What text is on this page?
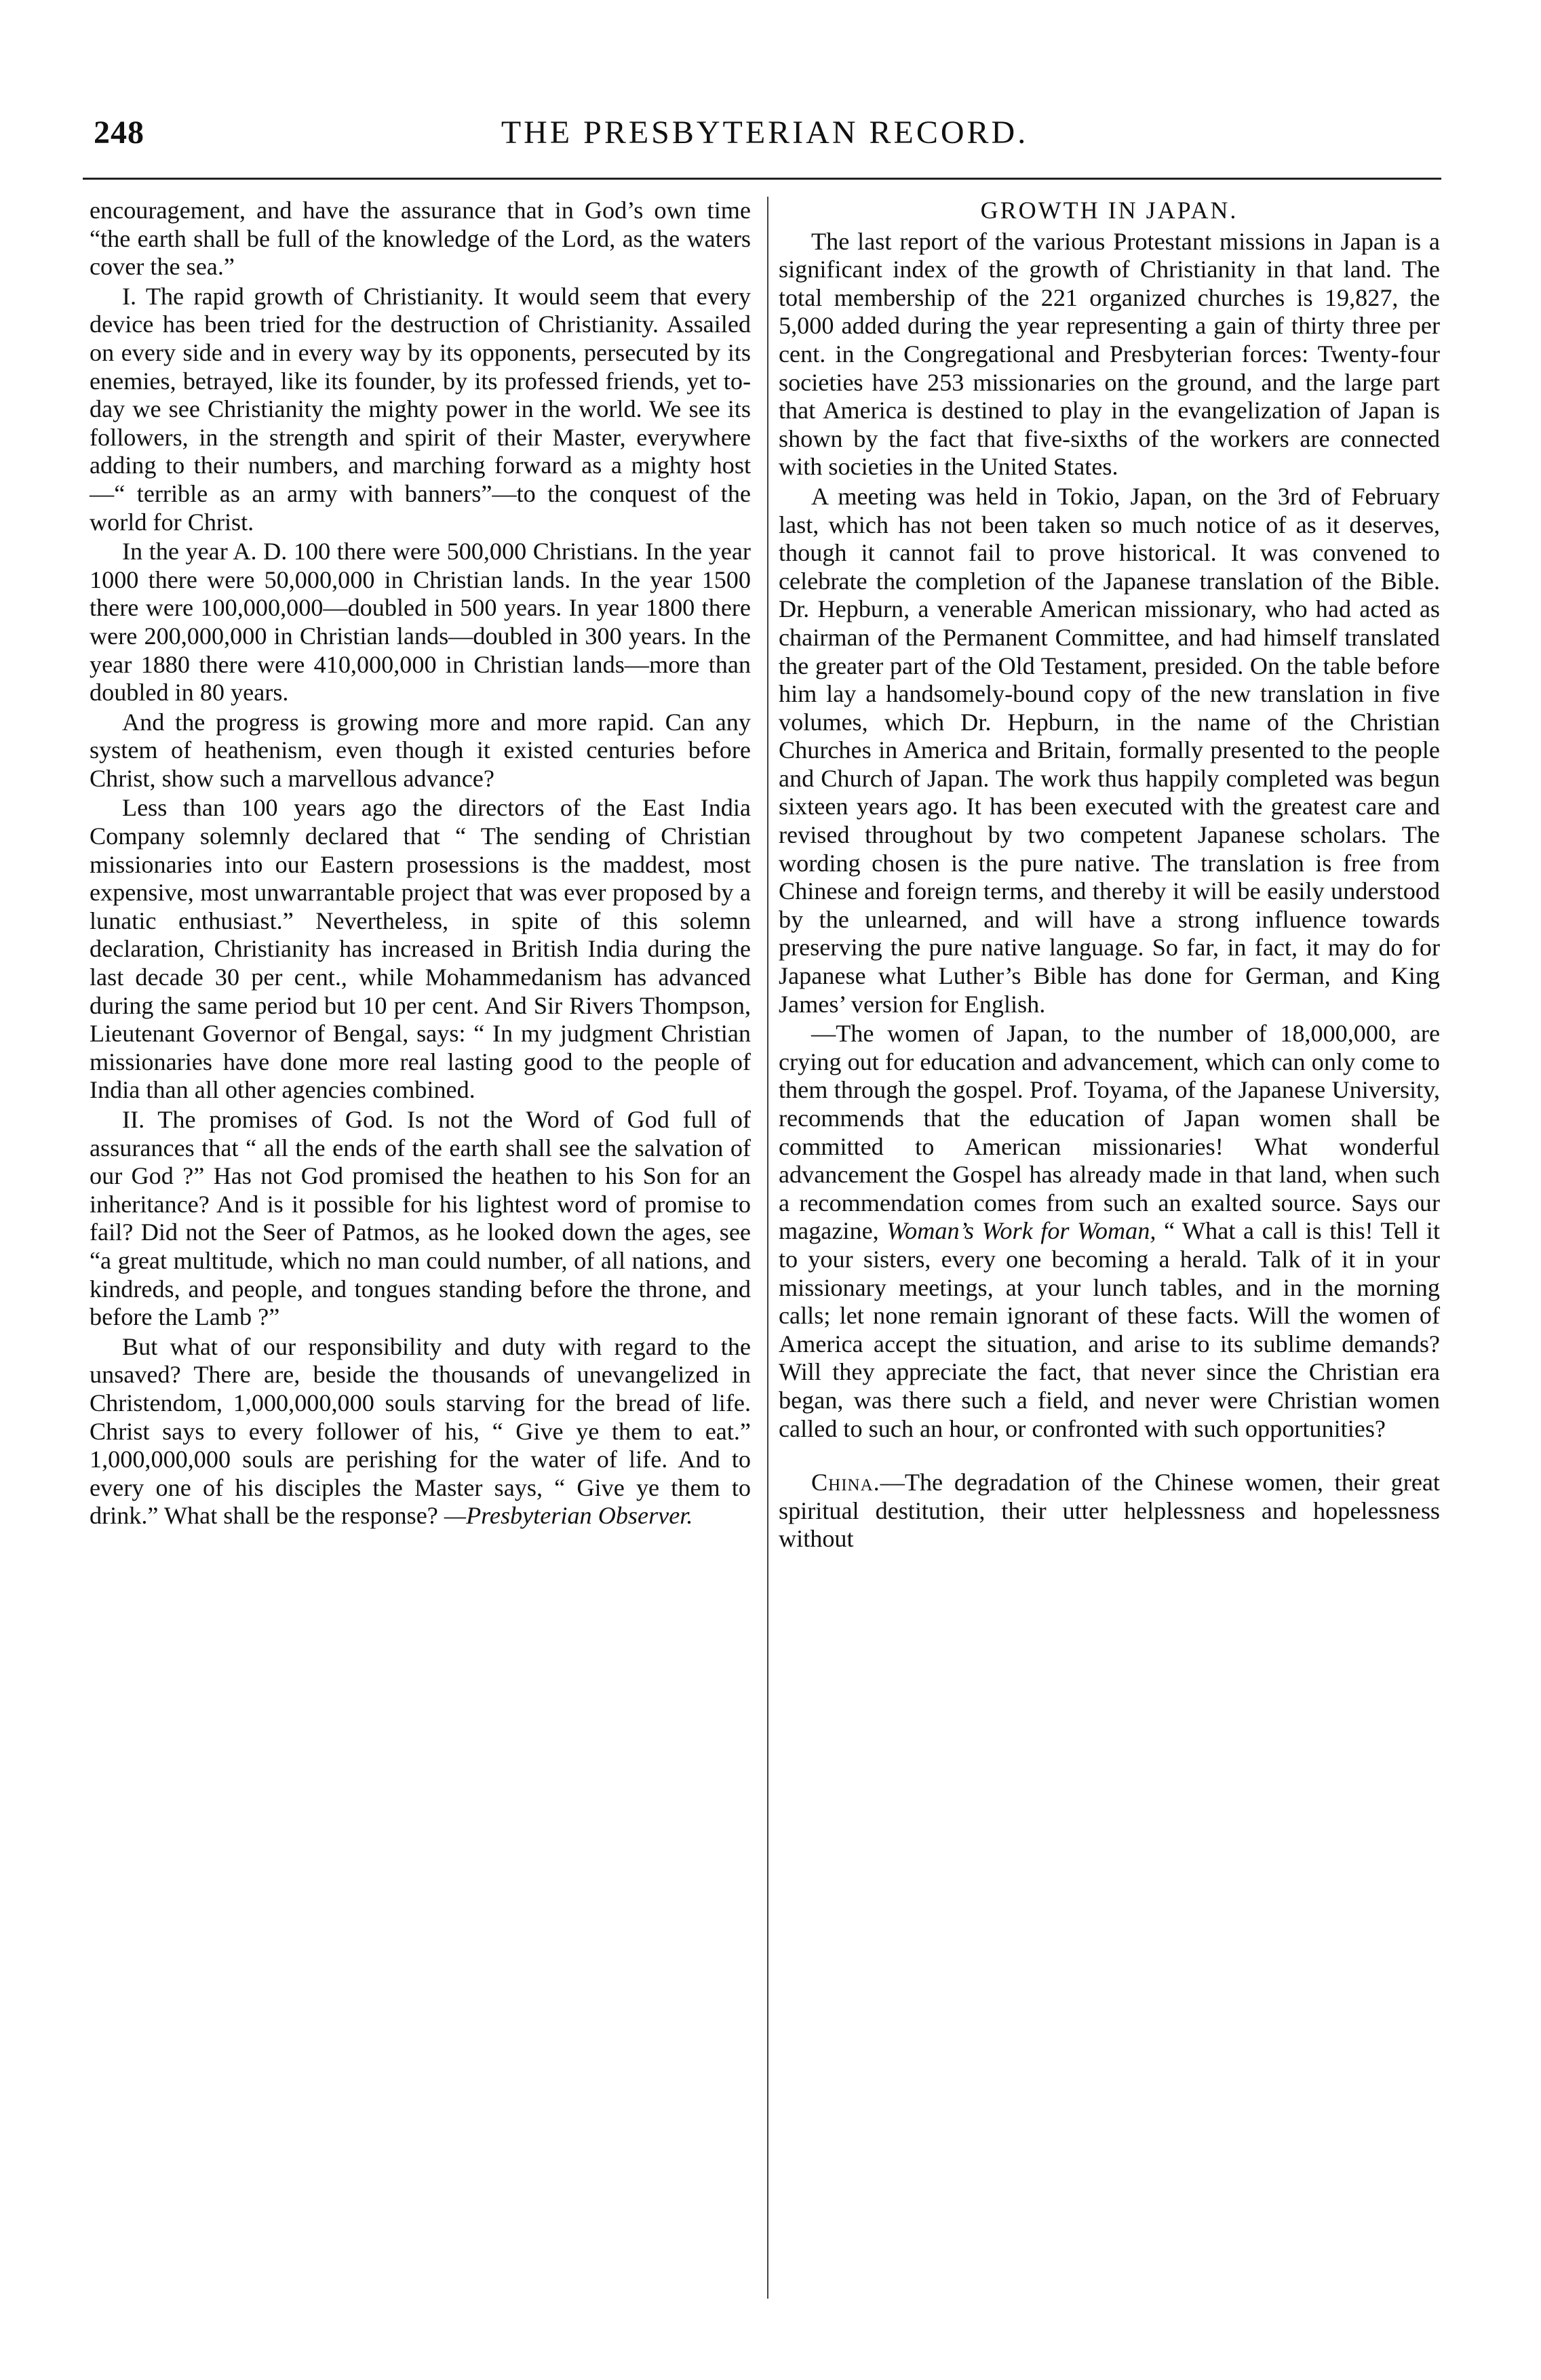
248	THE PRESBYTERIAN RECORD.

encouragement, and have the assurance that in God’s own time “the earth shall be full of the knowledge of the Lord, as the waters cover the sea.”

I. The rapid growth of Christianity. It would seem that every device has been tried for the destruction of Christianity. Assailed on every side and in every way by its opponents, persecuted by its enemies, betrayed, like its founder, by its professed friends, yet to-day we see Christianity the mighty power in the world. We see its followers, in the strength and spirit of their Master, everywhere adding to their numbers, and marching forward as a mighty host—“ terrible as an army with banners”—to the conquest of the world for Christ.

In the year A. D. 100 there were 500,000 Christians. In the year 1000 there were 50,000,000 in Christian lands. In the year 1500 there were 100,000,000—doubled in 500 years. In year 1800 there were 200,000,000 in Christian lands—doubled in 300 years. In the year 1880 there were 410,000,000 in Christian lands—more than doubled in 80 years.

And the progress is growing more and more rapid. Can any system of heathenism, even though it existed centuries before Christ, show such a marvellous advance?

Less than 100 years ago the directors of the East India Company solemnly declared that “ The sending of Christian missionaries into our Eastern prosessions is the maddest, most expensive, most unwarrantable project that was ever proposed by a lunatic enthusiast.” Nevertheless, in spite of this solemn declaration, Christianity has increased in British India during the last decade 30 per cent., while Mohammedanism has advanced during the same period but 10 per cent. And Sir Rivers Thompson, Lieutenant Governor of Bengal, says: “ In my judgment Christian missionaries have done more real lasting good to the people of India than all other agencies combined.

II. The promises of God. Is not the Word of God full of assurances that “ all the ends of the earth shall see the salvation of our God ?” Has not God promised the heathen to his Son for an inheritance? And is it possible for his lightest word of promise to fail? Did not the Seer of Patmos, as he looked down the ages, see “a great multitude, which no man could number, of all nations, and kindreds, and people, and tongues standing before the throne, and before the Lamb ?”

But what of our responsibility and duty with regard to the unsaved? There are, beside the thousands of unevangelized in Christendom, 1,000,000,000 souls starving for the bread of life. Christ says to every follower of his, “ Give ye them to eat.” 1,000,000,000 souls are perishing for the water of life. And to every one of his disciples the Master says, “ Give ye them to drink.” What shall be the response? —Presbyterian Observer.

GROWTH IN JAPAN.

The last report of the various Protestant missions in Japan is a significant index of the growth of Christianity in that land. The total membership of the 221 organized churches is 19,827, the 5,000 added during the year representing a gain of thirty three per cent. in the Congregational and Presbyterian forces: Twenty-four societies have 253 missionaries on the ground, and the large part that America is destined to play in the evangelization of Japan is shown by the fact that five-sixths of the workers are connected with societies in the United States.

A meeting was held in Tokio, Japan, on the 3rd of February last, which has not been taken so much notice of as it deserves, though it cannot fail to prove historical. It was convened to celebrate the completion of the Japanese translation of the Bible. Dr. Hepburn, a venerable American missionary, who had acted as chairman of the Permanent Committee, and had himself translated the greater part of the Old Testament, presided. On the table before him lay a handsomely-bound copy of the new translation in five volumes, which Dr. Hepburn, in the name of the Christian Churches in America and Britain, formally presented to the people and Church of Japan. The work thus happily completed was begun sixteen years ago. It has been executed with the greatest care and revised throughout by two competent Japanese scholars. The wording chosen is the pure native. The translation is free from Chinese and foreign terms, and thereby it will be easily understood by the unlearned, and will have a strong influence towards preserving the pure native language. So far, in fact, it may do for Japanese what Luther’s Bible has done for German, and King James’ version for English.

—The women of Japan, to the number of 18,000,000, are crying out for education and advancement, which can only come to them through the gospel. Prof. Toyama, of the Japanese University, recommends that the education of Japan women shall be committed to American missionaries! What wonderful advancement the Gospel has already made in that land, when such a recommendation comes from such an exalted source. Says our magazine, Woman’s Work for Woman, “ What a call is this! Tell it to your sisters, every one becoming a herald. Talk of it in your missionary meetings, at your lunch tables, and in the morning calls; let none remain ignorant of these facts. Will the women of America accept the situation, and arise to its sublime demands? Will they appreciate the fact, that never since the Christian era began, was there such a field, and never were Christian women called to such an hour, or confronted with such opportunities?

China.—The degradation of the Chinese women, their great spiritual destitution, their utter helplessness and hopelessness without
